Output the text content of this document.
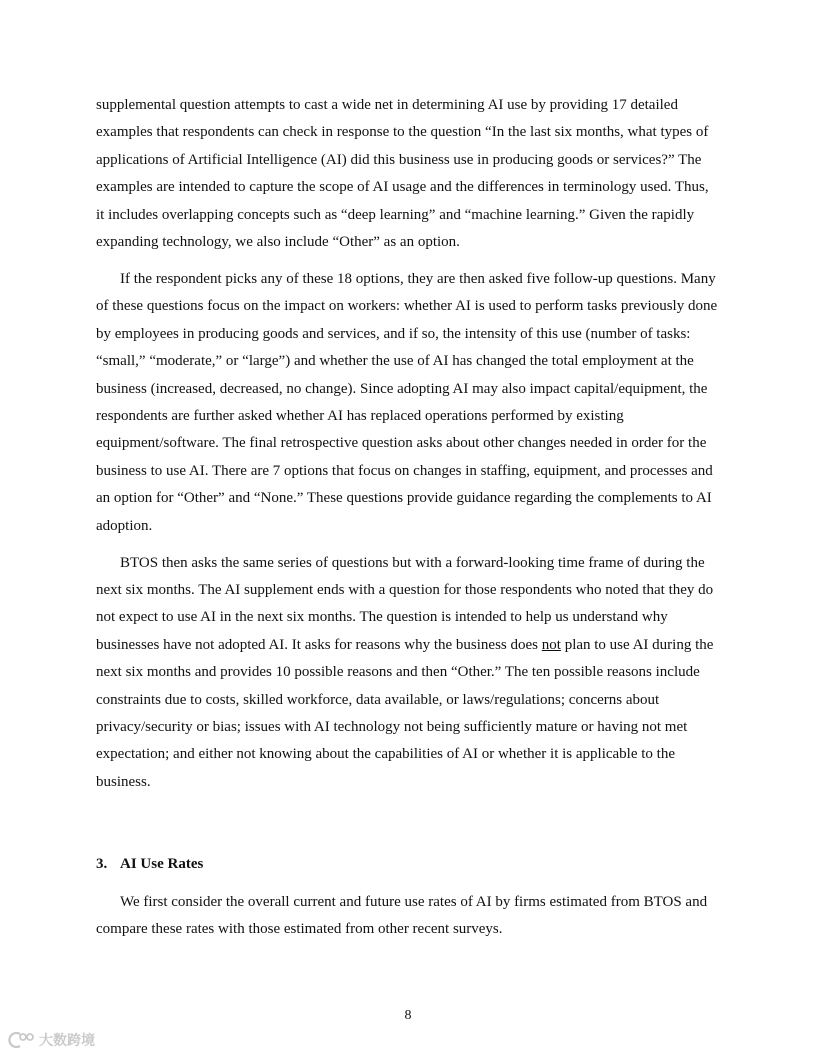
supplemental question attempts to cast a wide net in determining AI use by providing 17 detailed examples that respondents can check in response to the question “In the last six months, what types of applications of Artificial Intelligence (AI) did this business use in producing goods or services?” The examples are intended to capture the scope of AI usage and the differences in terminology used. Thus, it includes overlapping concepts such as “deep learning” and “machine learning.” Given the rapidly expanding technology, we also include “Other” as an option.

If the respondent picks any of these 18 options, they are then asked five follow-up questions. Many of these questions focus on the impact on workers: whether AI is used to perform tasks previously done by employees in producing goods and services, and if so, the intensity of this use (number of tasks: “small,” “moderate,” or “large”) and whether the use of AI has changed the total employment at the business (increased, decreased, no change). Since adopting AI may also impact capital/equipment, the respondents are further asked whether AI has replaced operations performed by existing equipment/software. The final retrospective question asks about other changes needed in order for the business to use AI. There are 7 options that focus on changes in staffing, equipment, and processes and an option for “Other” and “None.” These questions provide guidance regarding the complements to AI adoption.

BTOS then asks the same series of questions but with a forward-looking time frame of during the next six months. The AI supplement ends with a question for those respondents who noted that they do not expect to use AI in the next six months. The question is intended to help us understand why businesses have not adopted AI. It asks for reasons why the business does not plan to use AI during the next six months and provides 10 possible reasons and then “Other.” The ten possible reasons include constraints due to costs, skilled workforce, data available, or laws/regulations; concerns about privacy/security or bias; issues with AI technology not being sufficiently mature or having not met expectation; and either not knowing about the capabilities of AI or whether it is applicable to the business.

3. AI Use Rates

We first consider the overall current and future use rates of AI by firms estimated from BTOS and compare these rates with those estimated from other recent surveys.

8
大数跨境
